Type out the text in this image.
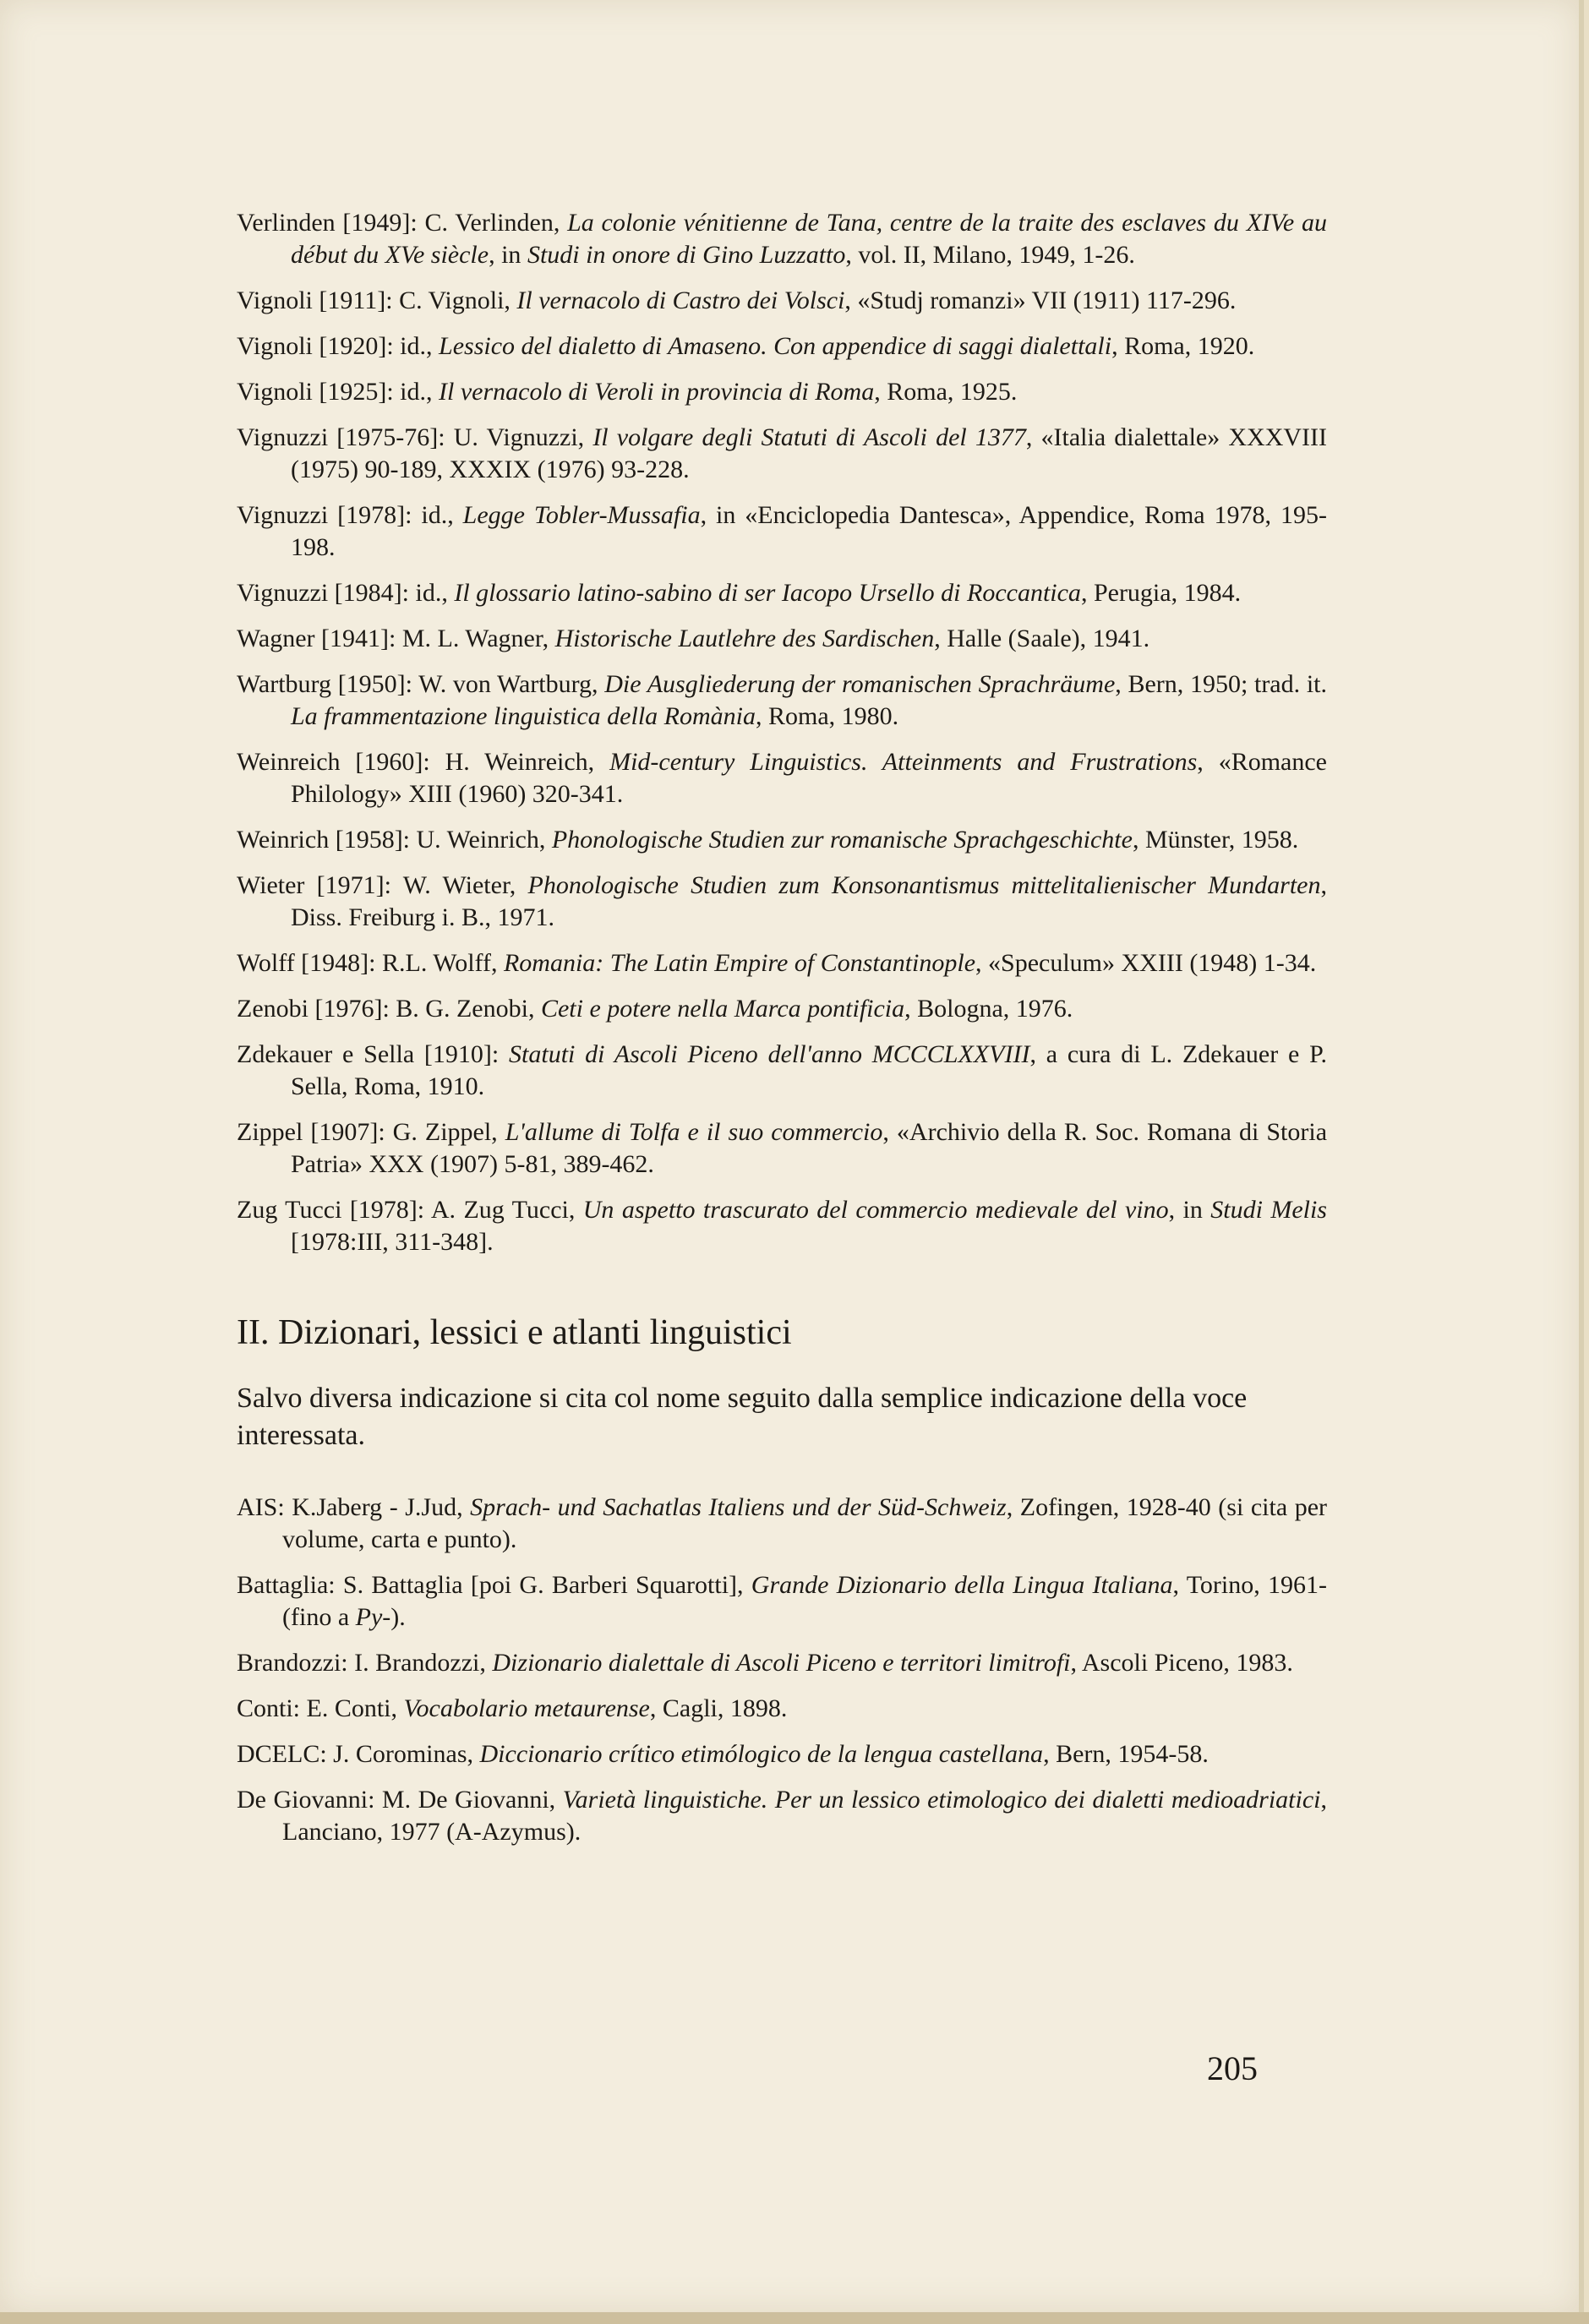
Verlinden [1949]: C. Verlinden, La colonie vénitienne de Tana, centre de la traite des esclaves du XIVe au début du XVe siècle, in Studi in onore di Gino Luzzatto, vol. II, Milano, 1949, 1-26.

Vignoli [1911]: C. Vignoli, Il vernacolo di Castro dei Volsci, «Studj romanzi» VII (1911) 117-296.

Vignoli [1920]: id., Lessico del dialetto di Amaseno. Con appendice di saggi dialettali, Roma, 1920.

Vignoli [1925]: id., Il vernacolo di Veroli in provincia di Roma, Roma, 1925.

Vignuzzi [1975-76]: U. Vignuzzi, Il volgare degli Statuti di Ascoli del 1377, «Italia dialettale» XXXVIII (1975) 90-189, XXXIX (1976) 93-228.

Vignuzzi [1978]: id., Legge Tobler-Mussafia, in «Enciclopedia Dantesca», Appendice, Roma 1978, 195-198.

Vignuzzi [1984]: id., Il glossario latino-sabino di ser Iacopo Ursello di Roccantica, Perugia, 1984.

Wagner [1941]: M. L. Wagner, Historische Lautlehre des Sardischen, Halle (Saale), 1941.

Wartburg [1950]: W. von Wartburg, Die Ausgliederung der romanischen Sprachräume, Bern, 1950; trad. it. La frammentazione linguistica della Romània, Roma, 1980.

Weinreich [1960]: H. Weinreich, Mid-century Linguistics. Atteinments and Frustrations, «Romance Philology» XIII (1960) 320-341.

Weinrich [1958]: U. Weinrich, Phonologische Studien zur romanische Sprachgeschichte, Münster, 1958.

Wieter [1971]: W. Wieter, Phonologische Studien zum Konsonantismus mittelitalienischer Mundarten, Diss. Freiburg i. B., 1971.

Wolff [1948]: R.L. Wolff, Romania: The Latin Empire of Constantinople, «Speculum» XXIII (1948) 1-34.

Zenobi [1976]: B. G. Zenobi, Ceti e potere nella Marca pontificia, Bologna, 1976.

Zdekauer e Sella [1910]: Statuti di Ascoli Piceno dell'anno MCCCLXXVIII, a cura di L. Zdekauer e P. Sella, Roma, 1910.

Zippel [1907]: G. Zippel, L'allume di Tolfa e il suo commercio, «Archivio della R. Soc. Romana di Storia Patria» XXX (1907) 5-81, 389-462.

Zug Tucci [1978]: A. Zug Tucci, Un aspetto trascurato del commercio medievale del vino, in Studi Melis [1978:III, 311-348].

II. Dizionari, lessici e atlanti linguistici

Salvo diversa indicazione si cita col nome seguito dalla semplice indicazione della voce interessata.

AIS: K.Jaberg - J.Jud, Sprach- und Sachatlas Italiens und der Süd-Schweiz, Zofingen, 1928-40 (si cita per volume, carta e punto).

Battaglia: S. Battaglia [poi G. Barberi Squarotti], Grande Dizionario della Lingua Italiana, Torino, 1961- (fino a Py-).

Brandozzi: I. Brandozzi, Dizionario dialettale di Ascoli Piceno e territori limitrofi, Ascoli Piceno, 1983.

Conti: E. Conti, Vocabolario metaurense, Cagli, 1898.

DCELC: J. Corominas, Diccionario crítico etimólogico de la lengua castellana, Bern, 1954-58.

De Giovanni: M. De Giovanni, Varietà linguistiche. Per un lessico etimologico dei dialetti medioadriatici, Lanciano, 1977 (A-Azymus).

205
